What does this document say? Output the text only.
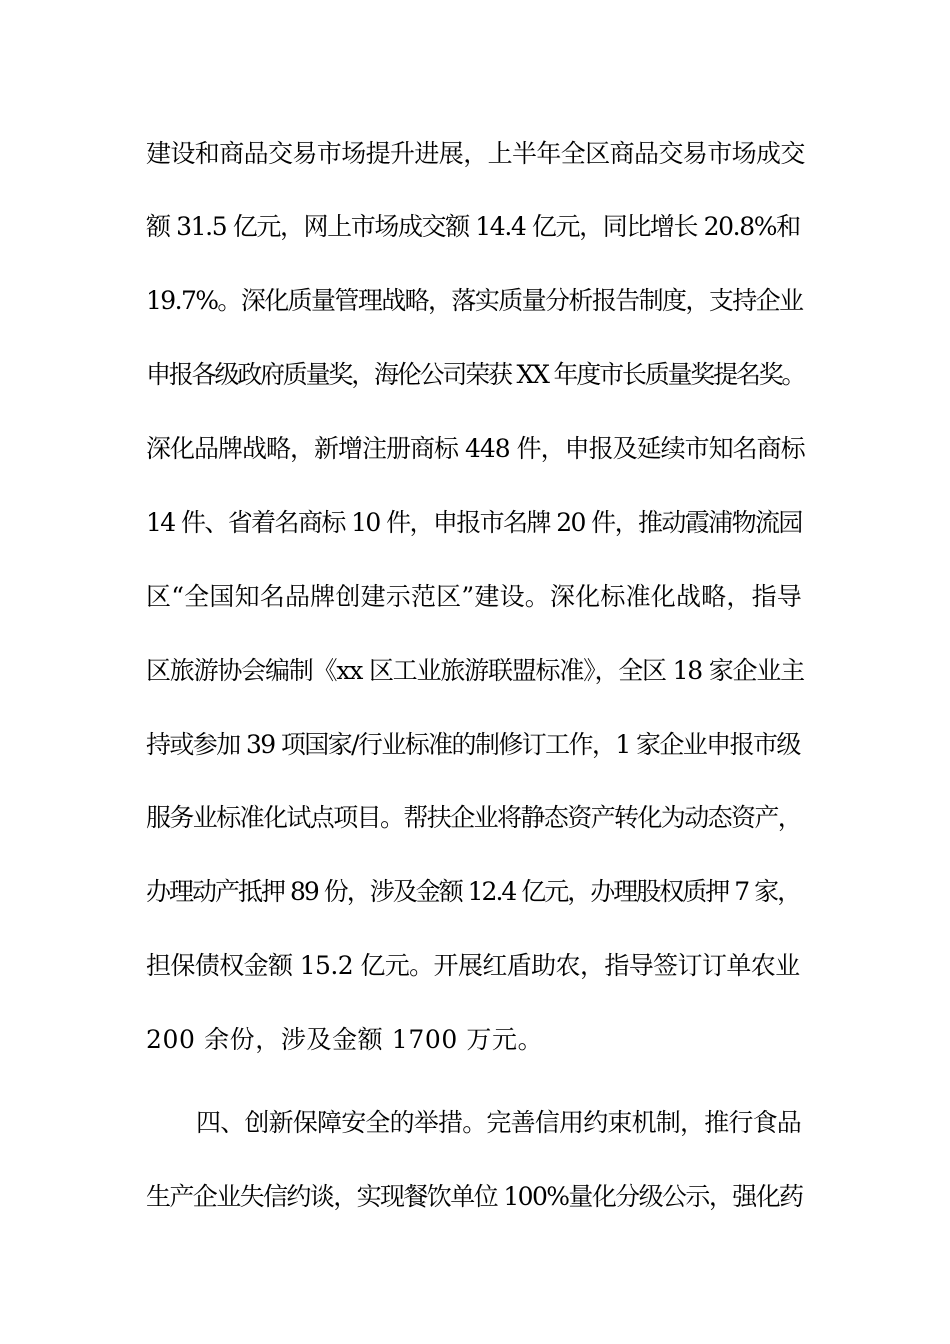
建设和商品交易市场提升进展，上半年全区商品交易市场成交
额 31.5 亿元，网上市场成交额 14.4 亿元，同比增长 20.8%和
19.7%。深化质量管理战略，落实质量分析报告制度，支持企业
申报各级政府质量奖，海伦公司荣获 XX 年度市长质量奖提名奖。
深化品牌战略，新增注册商标 448 件，申报及延续市知名商标
14 件、省着名商标 10 件，申报市名牌 20 件，推动霞浦物流园
区“全国知名品牌创建示范区”建设。深化标准化战略，指导
区旅游协会编制《xx 区工业旅游联盟标准》，全区 18 家企业主
持或参加 39 项国家/行业标准的制修订工作，1 家企业申报市级
服务业标准化试点项目。帮扶企业将静态资产转化为动态资产，
办理动产抵押 89 份，涉及金额 12.4 亿元，办理股权质押 7 家，
担保债权金额 15.2 亿元。开展红盾助农，指导签订订单农业
200 余份，涉及金额 1700 万元。
四、创新保障安全的举措。完善信用约束机制，推行食品
生产企业失信约谈，实现餐饮单位 100%量化分级公示，强化药
